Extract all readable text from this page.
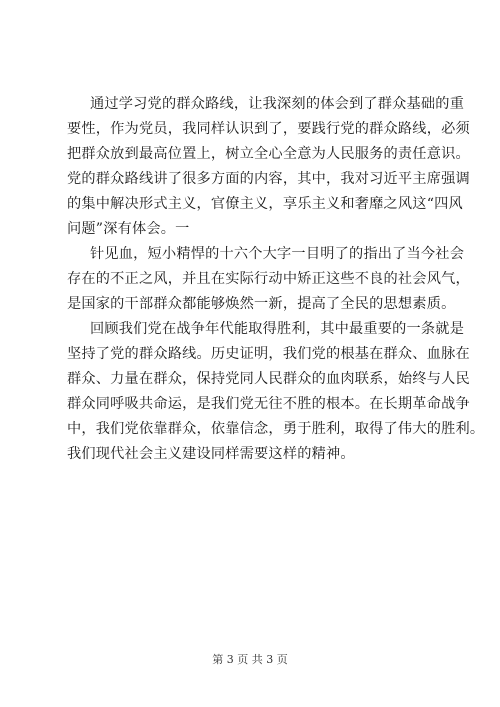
通过学习党的群众路线，让我深刻的体会到了群众基础的重
要性，作为党员，我同样认识到了，要践行党的群众路线，必须
把群众放到最高位置上，树立全心全意为人民服务的责任意识。
党的群众路线讲了很多方面的内容，其中，我对习近平主席强调
的集中解决形式主义，官僚主义，享乐主义和奢靡之风这“四风
问题”深有体会。一
针见血，短小精悍的十六个大字一目明了的指出了当今社会
存在的不正之风，并且在实际行动中矫正这些不良的社会风气，
是国家的干部群众都能够焕然一新，提高了全民的思想素质。
回顾我们党在战争年代能取得胜利，其中最重要的一条就是
坚持了党的群众路线。历史证明，我们党的根基在群众、血脉在
群众、力量在群众，保持党同人民群众的血肉联系，始终与人民
群众同呼吸共命运，是我们党无往不胜的根本。在长期革命战争
中，我们党依靠群众，依靠信念，勇于胜利，取得了伟大的胜利。
我们现代社会主义建设同样需要这样的精神。
第 3 页 共 3 页
